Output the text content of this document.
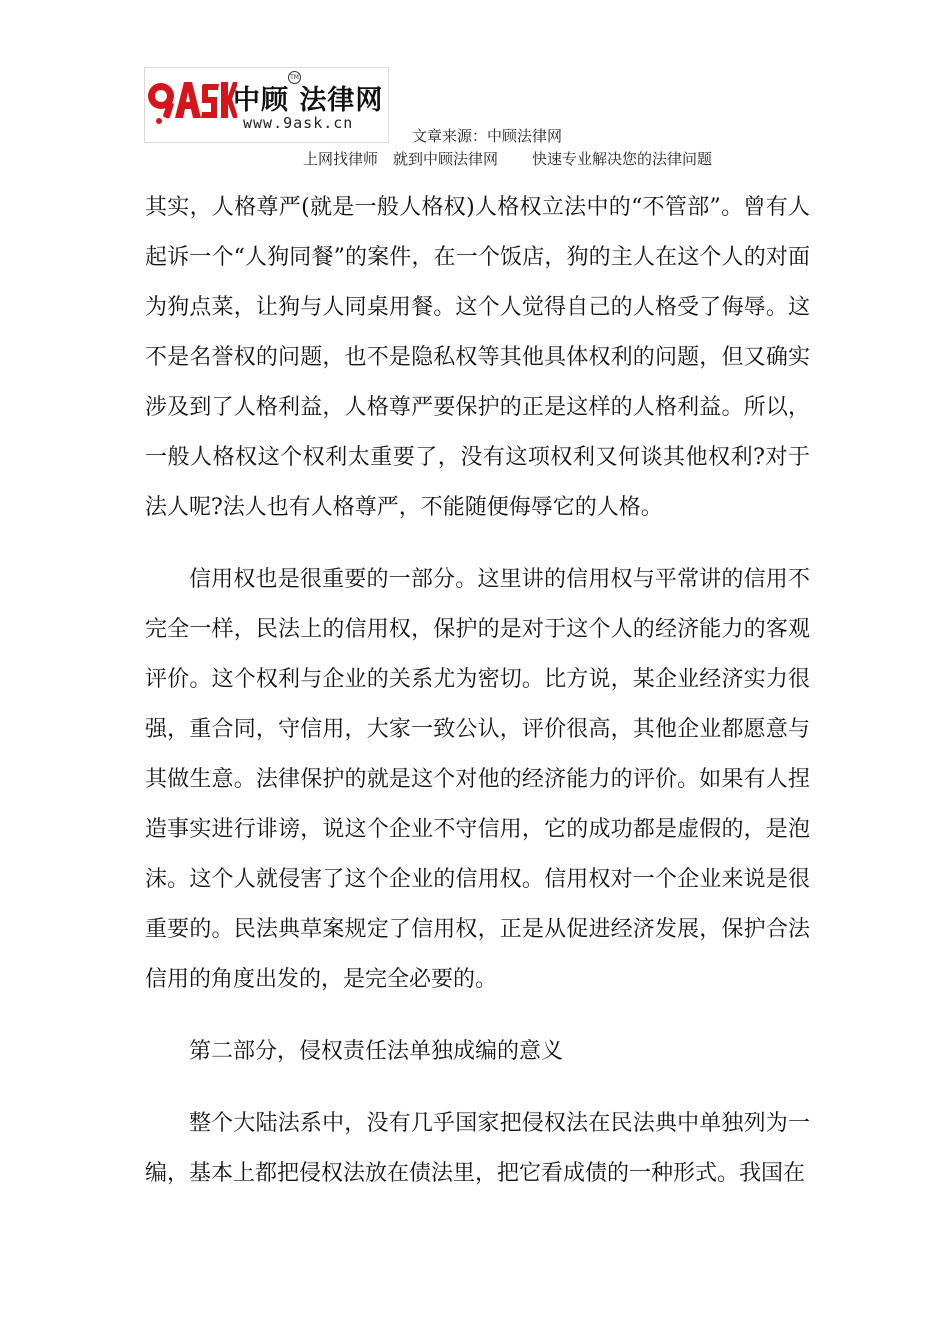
中顾 法律网
TM
www.9ask.cn
文章来源：中顾法律网
上网找律师　就到中顾法律网 快速专业解决您的法律问题

其实，人格尊严(就是一般人格权)人格权立法中的“不管部”。曾有人起诉一个“人狗同餐”的案件，在一个饭店，狗的主人在这个人的对面为狗点菜，让狗与人同桌用餐。这个人觉得自己的人格受了侮辱。这不是名誉权的问题，也不是隐私权等其他具体权利的问题，但又确实涉及到了人格利益，人格尊严要保护的正是这样的人格利益。所以，一般人格权这个权利太重要了，没有这项权利又何谈其他权利?对于法人呢?法人也有人格尊严，不能随便侮辱它的人格。

信用权也是很重要的一部分。这里讲的信用权与平常讲的信用不完全一样，民法上的信用权，保护的是对于这个人的经济能力的客观评价。这个权利与企业的关系尤为密切。比方说，某企业经济实力很强，重合同，守信用，大家一致公认，评价很高，其他企业都愿意与其做生意。法律保护的就是这个对他的经济能力的评价。如果有人捏造事实进行诽谤，说这个企业不守信用，它的成功都是虚假的，是泡沫。这个人就侵害了这个企业的信用权。信用权对一个企业来说是很重要的。民法典草案规定了信用权，正是从促进经济发展，保护合法信用的角度出发的，是完全必要的。

第二部分，侵权责任法单独成编的意义

整个大陆法系中，没有几乎国家把侵权法在民法典中单独列为一编，基本上都把侵权法放在债法里，把它看成债的一种形式。我国在
